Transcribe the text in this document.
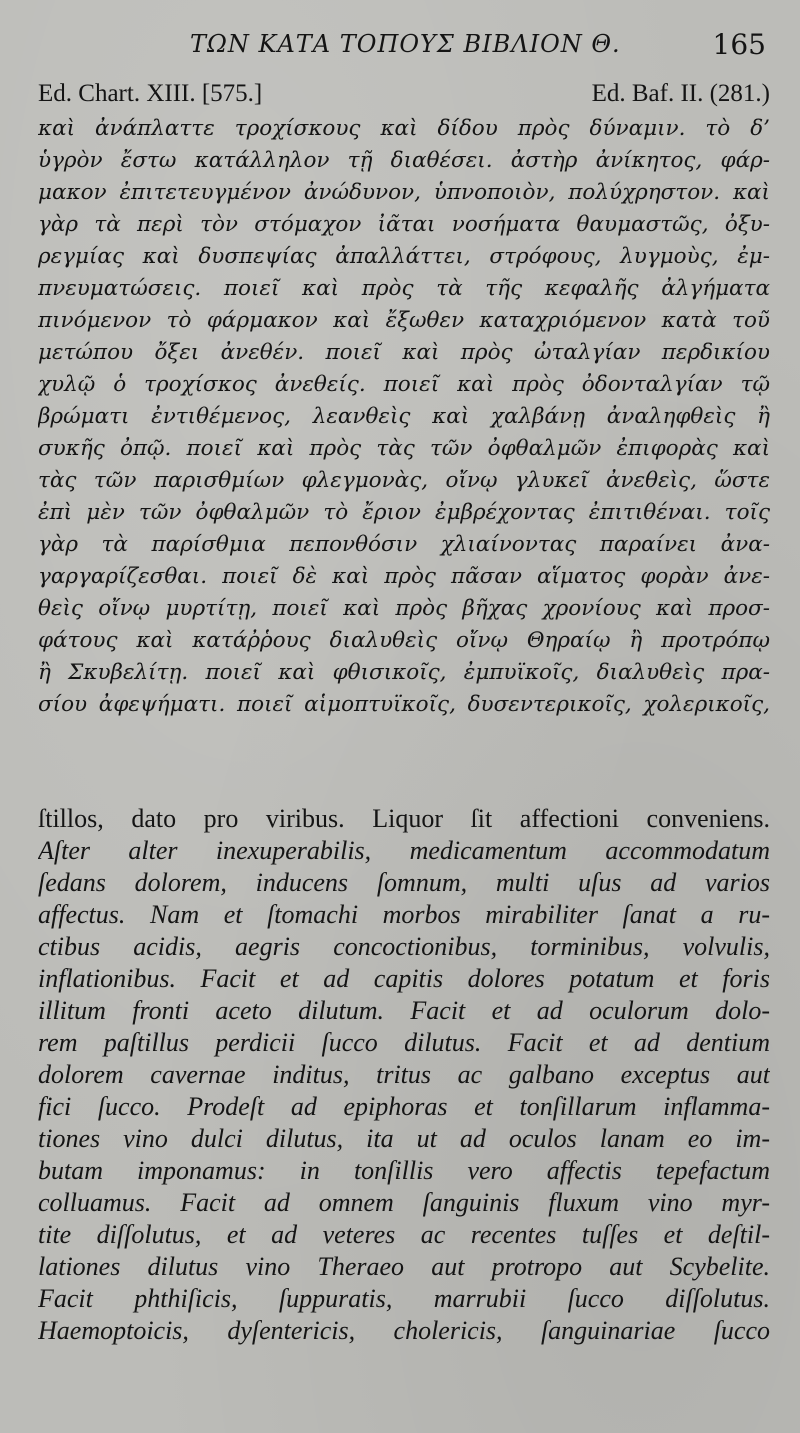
ΤΩΝ ΚΑΤΑ ΤΟΠΟΥΣ ΒΙΒΛΙΟΝ Θ.	165
Ed. Chart. XIII. [575.]	Ed. Baf. II. (281.)
καὶ ἀνάπλαττε τροχίσκους καὶ δίδου πρὸς δύναμιν. τὸ δ’
ὑγρὸν ἔστω κατάλληλον τῇ διαθέσει. ἀστὴρ ἀνίκητος, φάρ-
μακον ἐπιτετευγμένον ἀνώδυνον, ὑπνοποιὸν, πολύχρηστον. καὶ
γὰρ τὰ περὶ τὸν στόμαχον ἰᾶται νοσήματα θαυμαστῶς, ὀξυ-
ρεγμίας καὶ δυσπεψίας ἀπαλλάττει, στρόφους, λυγμοὺς, ἐμ-
πνευματώσεις. ποιεῖ καὶ πρὸς τὰ τῆς κεφαλῆς ἀλγήματα
πινόμενον τὸ φάρμακον καὶ ἔξωθεν καταχριόμενον κατὰ τοῦ
μετώπου ὄξει ἀνεθέν. ποιεῖ καὶ πρὸς ὠταλγίαν περδικίου
χυλῷ ὁ τροχίσκος ἀνεθείς. ποιεῖ καὶ πρὸς ὀδονταλγίαν τῷ
βρώματι ἐντιθέμενος, λεανθεὶς καὶ χαλβάνῃ ἀναληφθεὶς ἢ
συκῆς ὀπῷ. ποιεῖ καὶ πρὸς τὰς τῶν ὀφθαλμῶν ἐπιφορὰς καὶ
τὰς τῶν παρισθμίων φλεγμονὰς, οἴνῳ γλυκεῖ ἀνεθεὶς, ὥστε
ἐπὶ μὲν τῶν ὀφθαλμῶν τὸ ἔριον ἐμβρέχοντας ἐπιτιθέναι. τοῖς
γὰρ τὰ παρίσθμια πεπονθόσιν χλιαίνοντας παραίνει ἀνα-
γαργαρίζεσθαι. ποιεῖ δὲ καὶ πρὸς πᾶσαν αἵματος φορὰν ἀνε-
θεὶς οἴνῳ μυρτίτῃ, ποιεῖ καὶ πρὸς βῆχας χρονίους καὶ προσ-
φάτους καὶ κατάῤῥους διαλυθεὶς οἴνῳ Θηραίῳ ἢ προτρόπῳ
ἢ Σκυβελίτῃ. ποιεῖ καὶ φθισικοῖς, ἐμπυϊκοῖς, διαλυθεὶς πρα-
σίου ἀφεψήματι. ποιεῖ αἱμοπτυϊκοῖς, δυσεντερικοῖς, χολερικοῖς,
ſtillos, dato pro viribus. Liquor ſit affectioni conveniens.
Aſter alter inexuperabilis, medicamentum accommodatum
ſedans dolorem, inducens ſomnum, multi uſus ad varios
affectus. Nam et ſtomachi morbos mirabiliter ſanat a ru-
ctibus acidis, aegris concoctionibus, torminibus, volvulis,
inflationibus. Facit et ad capitis dolores potatum et foris
illitum fronti aceto dilutum. Facit et ad oculorum dolo-
rem paſtillus perdicii ſucco dilutus. Facit et ad dentium
dolorem cavernae inditus, tritus ac galbano exceptus aut
fici ſucco. Prodeſt ad epiphoras et tonſillarum inflamma-
tiones vino dulci dilutus, ita ut ad oculos lanam eo im-
butam imponamus: in tonſillis vero affectis tepefactum
colluamus. Facit ad omnem ſanguinis fluxum vino myr-
tite diſſolutus, et ad veteres ac recentes tuſſes et deſtil-
lationes dilutus vino Theraeo aut protropo aut Scybelite.
Facit phthiſicis, ſuppuratis, marrubii ſucco diſſolutus.
Haemoptoicis, dyſentericis, cholericis, ſanguinariae ſucco
